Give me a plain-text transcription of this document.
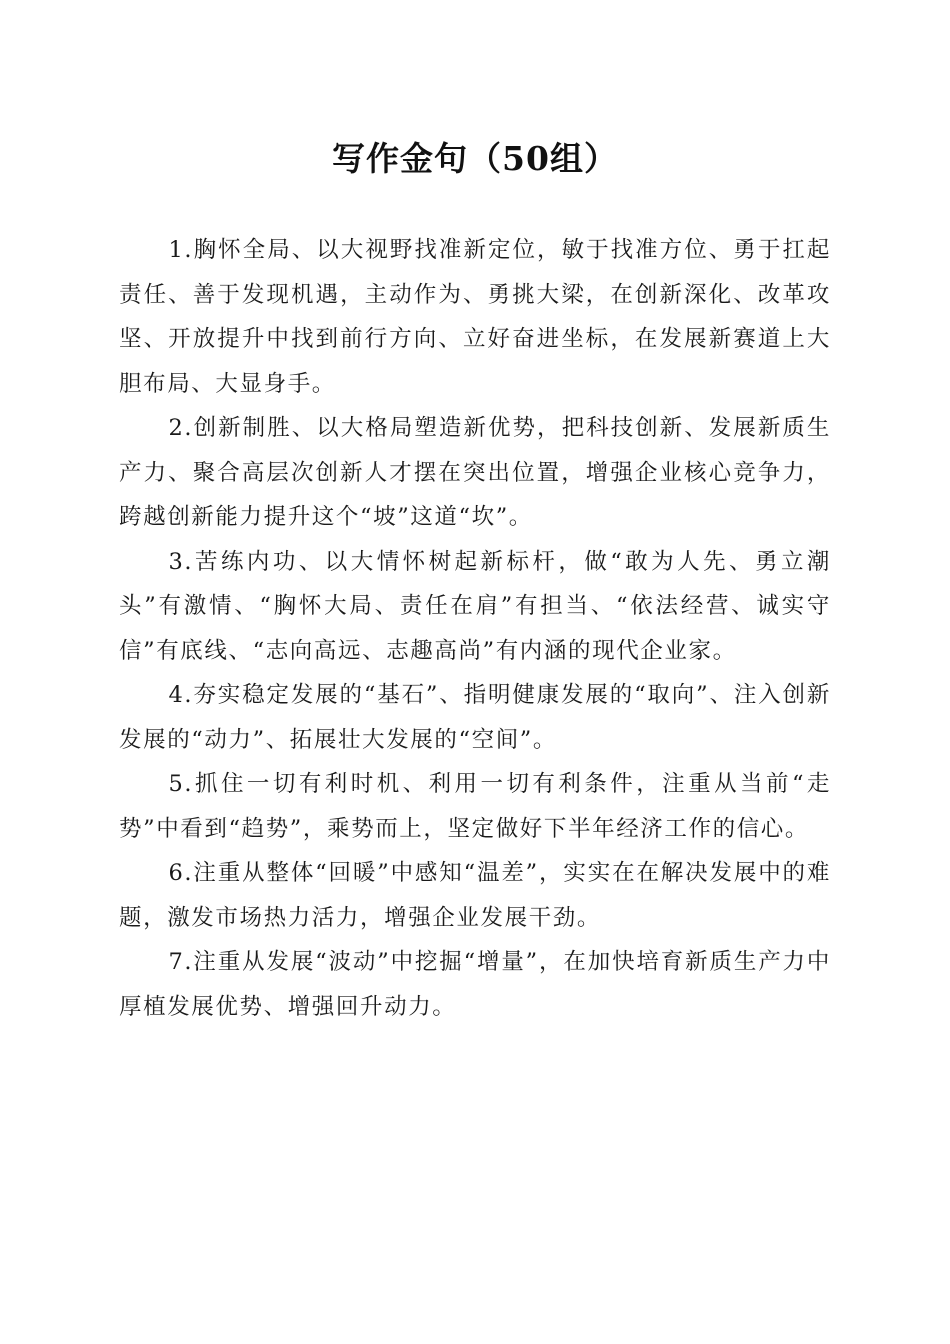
写作金句（50组）

1.胸怀全局、以大视野找准新定位，敏于找准方位、勇于扛起责任、善于发现机遇，主动作为、勇挑大梁，在创新深化、改革攻坚、开放提升中找到前行方向、立好奋进坐标，在发展新赛道上大胆布局、大显身手。

2.创新制胜、以大格局塑造新优势，把科技创新、发展新质生产力、聚合高层次创新人才摆在突出位置，增强企业核心竞争力，跨越创新能力提升这个“坡”这道“坎”。

3.苦练内功、以大情怀树起新标杆，做“敢为人先、勇立潮头”有激情、“胸怀大局、责任在肩”有担当、“依法经营、诚实守信”有底线、“志向高远、志趣高尚”有内涵的现代企业家。

4.夯实稳定发展的“基石”、指明健康发展的“取向”、注入创新发展的“动力”、拓展壮大发展的“空间”。

5.抓住一切有利时机、利用一切有利条件，注重从当前“走势”中看到“趋势”，乘势而上，坚定做好下半年经济工作的信心。

6.注重从整体“回暖”中感知“温差”，实实在在解决发展中的难题，激发市场热力活力，增强企业发展干劲。

7.注重从发展“波动”中挖掘“增量”，在加快培育新质生产力中厚植发展优势、增强回升动力。
